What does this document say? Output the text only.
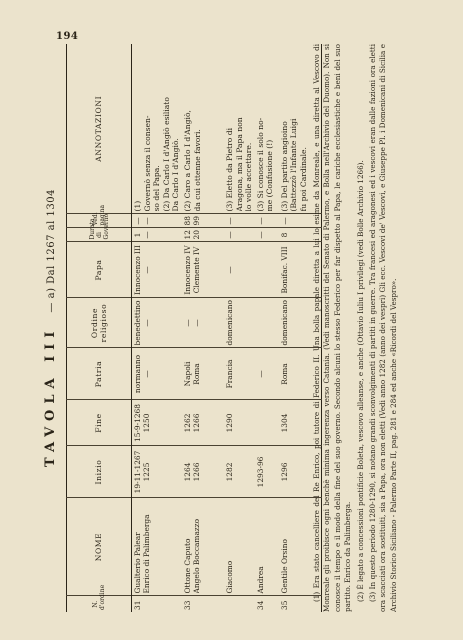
194
TAVOLA III — a) Dal 1267 al 1304
N. d'ordine	NOME	Inizio	Fine	Patria	Ordine religioso	Papa	Durata di Governo	Vedi pagina	ANNOTAZIONI
31	Gualterio Palear Enrico di Palimberga	19-11-1267 1225	15-9-1268 1250	normanno —	benedettino —	Innocenzo III —	1 —	— —	(1) Governò senza il consen- so del Papa. (2) Da Carlo I d'Angiò esiliato Da Carlo I d'Angiò.

33	Ottone Caputo Angelo Boccamazzo	1264 1266	1262 1266	Napoli Roma	— —	Innocenzo IV Clemente IV	12 20	88 99	(2) Caro a Carlo I d'Angiò, da cui ottenne favori.

	Giacomo	1282	1290	Francia	domenicano	—	—	—	(3) Eletto da Pietro di Aragona, ma il Papa non lo volle accettare.

34	Andrea	1293-96		—			—	—	(3) Si conosce il solo no- me (Confusione (!)

35	Gentile Orsino	1296	1304	Roma	domenicano	Bonifac. VIII	8	—	(3) Del partito angioino (Battezzò l'Infante Luigi fu poi Cardinale. (1) Era stato cancelliere del Re Enrico, poi tutore di Federico II. Una bolla papale diretta a lui lo esime da Monreale, e una diretta al Vescovo di Monreale gli proibisce ogni benchè minima ingerenza verso Catania. (Vedi manoscritti del Senato di Palermo, e Bolla nell'Archivio del Duomo). Non si conosce il tempo e il modo della fine del suo governo. Secondo alcuni lo stesso Federico per far dispetto al Papa, le cariche ecclesiastiche e beni del suo partito. Enrico da Palimberga. (2) È legato a concessioni pontificie Boleta, vescovo alleanse, e anche (Ottavio Iuliu I privilegi (vedi Bolle Archivio 1266). (3) In questo periodo 1280-1290, si notano grandi sconvolgimenti di partiti in guerre. Tra francesi ed aragonesi ed i vescovi eran dalle fazioni ora eletti ora scacciati ora sostituiti, sia a Papa, ora non eletti (Vedi anno 1282 (anno dei vespri) Gli ecc. Vescovi de' Vescovi, e Giuseppe Pl. i Domenicani di Sicilia e Archivio Storico Siciliano - Palermo Parte II, pag. 281 e 284 ed anche «Ricordi del Vespro».
